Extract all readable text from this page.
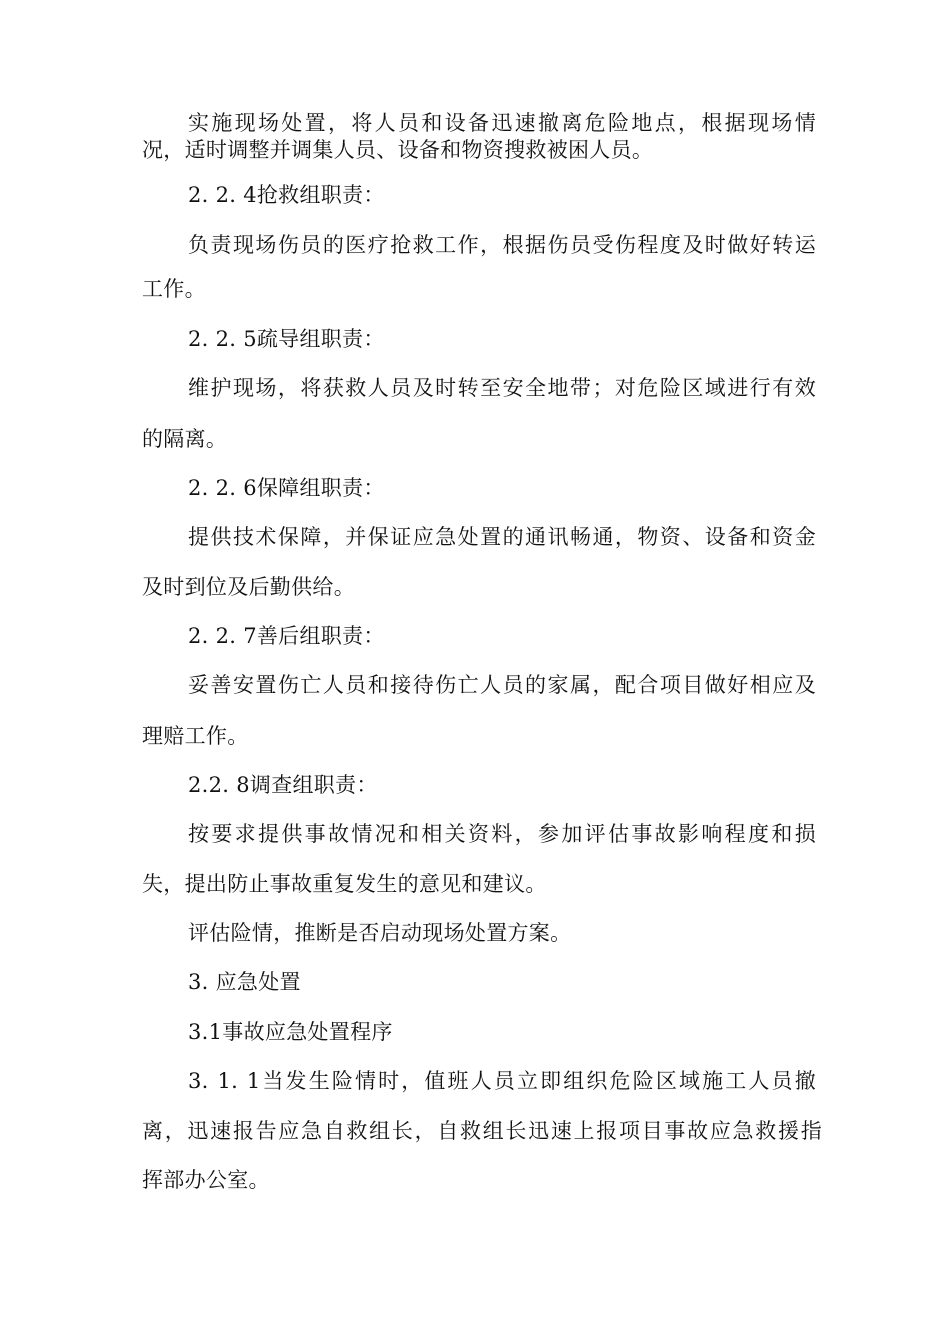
实施现场处置，将人员和设备迅速撤离危险地点，根据现场情
况，适时调整并调集人员、设备和物资搜救被困人员。
2. 2. 4抢救组职责：
负责现场伤员的医疗抢救工作，根据伤员受伤程度及时做好转运
工作。
2. 2. 5疏导组职责：
维护现场，将获救人员及时转至安全地带；对危险区域进行有效
的隔离。
2. 2. 6保障组职责：
提供技术保障，并保证应急处置的通讯畅通，物资、设备和资金
及时到位及后勤供给。
2. 2. 7善后组职责：
妥善安置伤亡人员和接待伤亡人员的家属，配合项目做好相应及
理赔工作。
2.2. 8调查组职责：
按要求提供事故情况和相关资料，参加评估事故影响程度和损
失，提出防止事故重复发生的意见和建议。
评估险情，推断是否启动现场处置方案。
3. 应急处置
3.1事故应急处置程序
3. 1. 1当发生险情时，值班人员立即组织危险区域施工人员撤
离，迅速报告应急自救组长，自救组长迅速上报项目事故应急救援指
挥部办公室。
